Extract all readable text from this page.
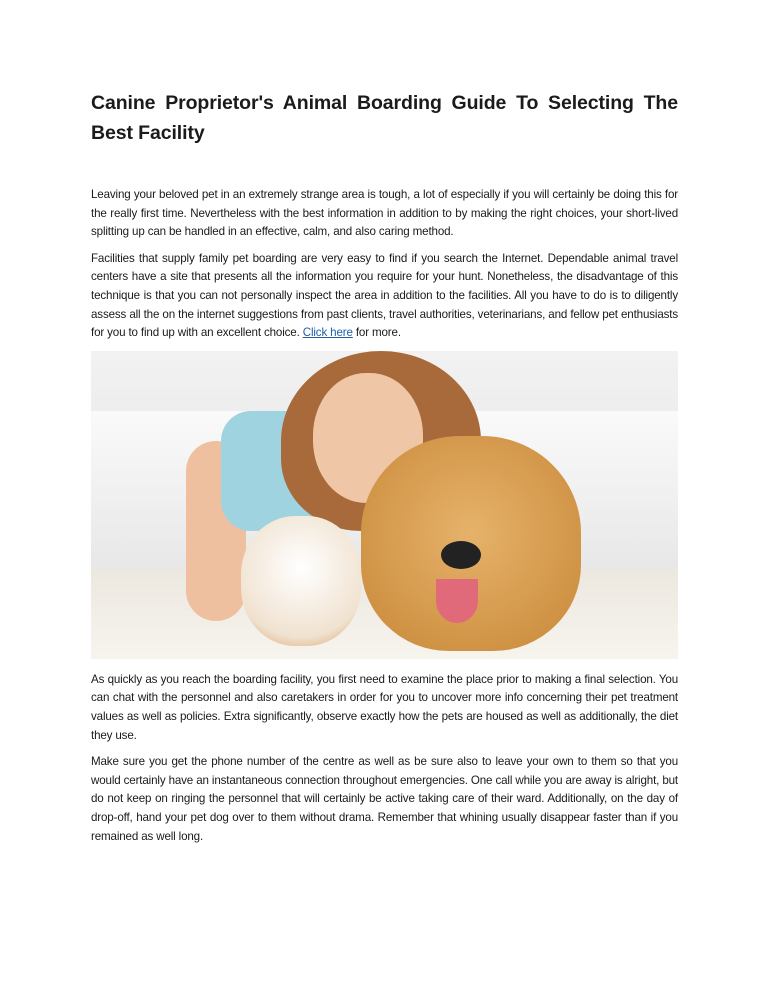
Canine Proprietor's Animal Boarding Guide To Selecting The Best Facility

Leaving your beloved pet in an extremely strange area is tough, a lot of especially if you will certainly be doing this for the really first time. Nevertheless with the best information in addition to by making the right choices, your short-lived splitting up can be handled in an effective, calm, and also caring method.

Facilities that supply family pet boarding are very easy to find if you search the Internet. Dependable animal travel centers have a site that presents all the information you require for your hunt. Nonetheless, the disadvantage of this technique is that you can not personally inspect the area in addition to the facilities. All you have to do is to diligently assess all the on the internet suggestions from past clients, travel authorities, veterinarians, and fellow pet enthusiasts for you to find up with an excellent choice. Click here for more.

As quickly as you reach the boarding facility, you first need to examine the place prior to making a final selection. You can chat with the personnel and also caretakers in order for you to uncover more info concerning their pet treatment values as well as policies. Extra significantly, observe exactly how the pets are housed as well as additionally, the diet they use.

Make sure you get the phone number of the centre as well as be sure also to leave your own to them so that you would certainly have an instantaneous connection throughout emergencies. One call while you are away is alright, but do not keep on ringing the personnel that will certainly be active taking care of their ward. Additionally, on the day of drop-off, hand your pet dog over to them without drama. Remember that whining usually disappear faster than if you remained as well long.
